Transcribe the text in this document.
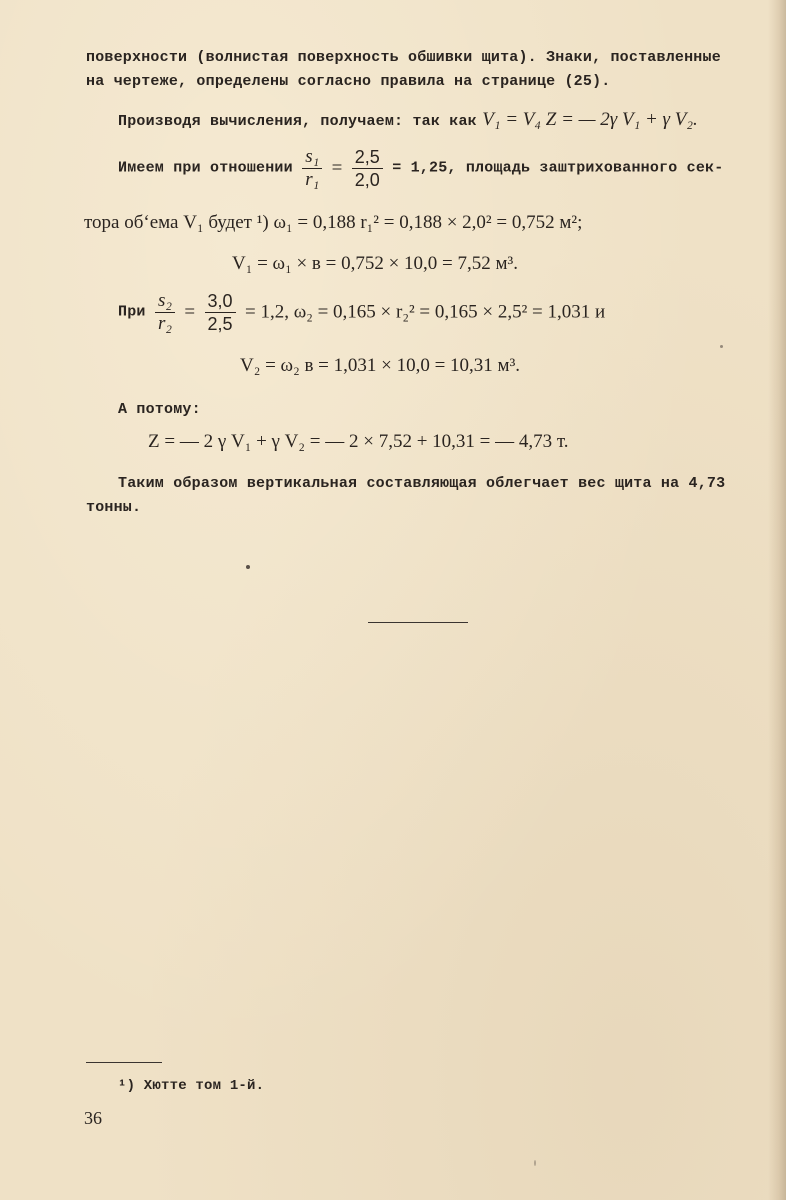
поверхности (волнистая поверхность обшивки щита). Знаки, поставленные
на чертеже, определены согласно правила на странице (25).
Производя вычисления, получаем: так как V₁ = V₄ Z = — 2γ V₁ + γ V₂.
Имеем при отношении $\frac{\text{s₁}}{\text{r₁}} = \frac{2,5}{2,0} = 1,25$, площадь заштрихованного сек-
тора об‘ема V₁ будет ¹) ω₁ = 0,188 r₁² = 0,188 × 2,0² = 0,752 м²;
V₁ = ω₁ × в = 0,752 × 10,0 = 7,52 м³.
При $\frac{\text{s₂}}{\text{r₂}} = \frac{3,0}{2,5} = 1,2$, ω₂ = 0,165 × r₂² = 0,165 × 2,5² = 1,031 и
V₂ = ω₂ в = 1,031 × 10,0 = 10,31 м³.
А потому:
Z = — 2 γ V₁ + γ V₂ = — 2 × 7,52 + 10,31 = — 4,73 т.
Таким образом вертикальная составляющая облегчает вес щита на 4,73
тонны.
¹) Хютте том 1-й.
36
